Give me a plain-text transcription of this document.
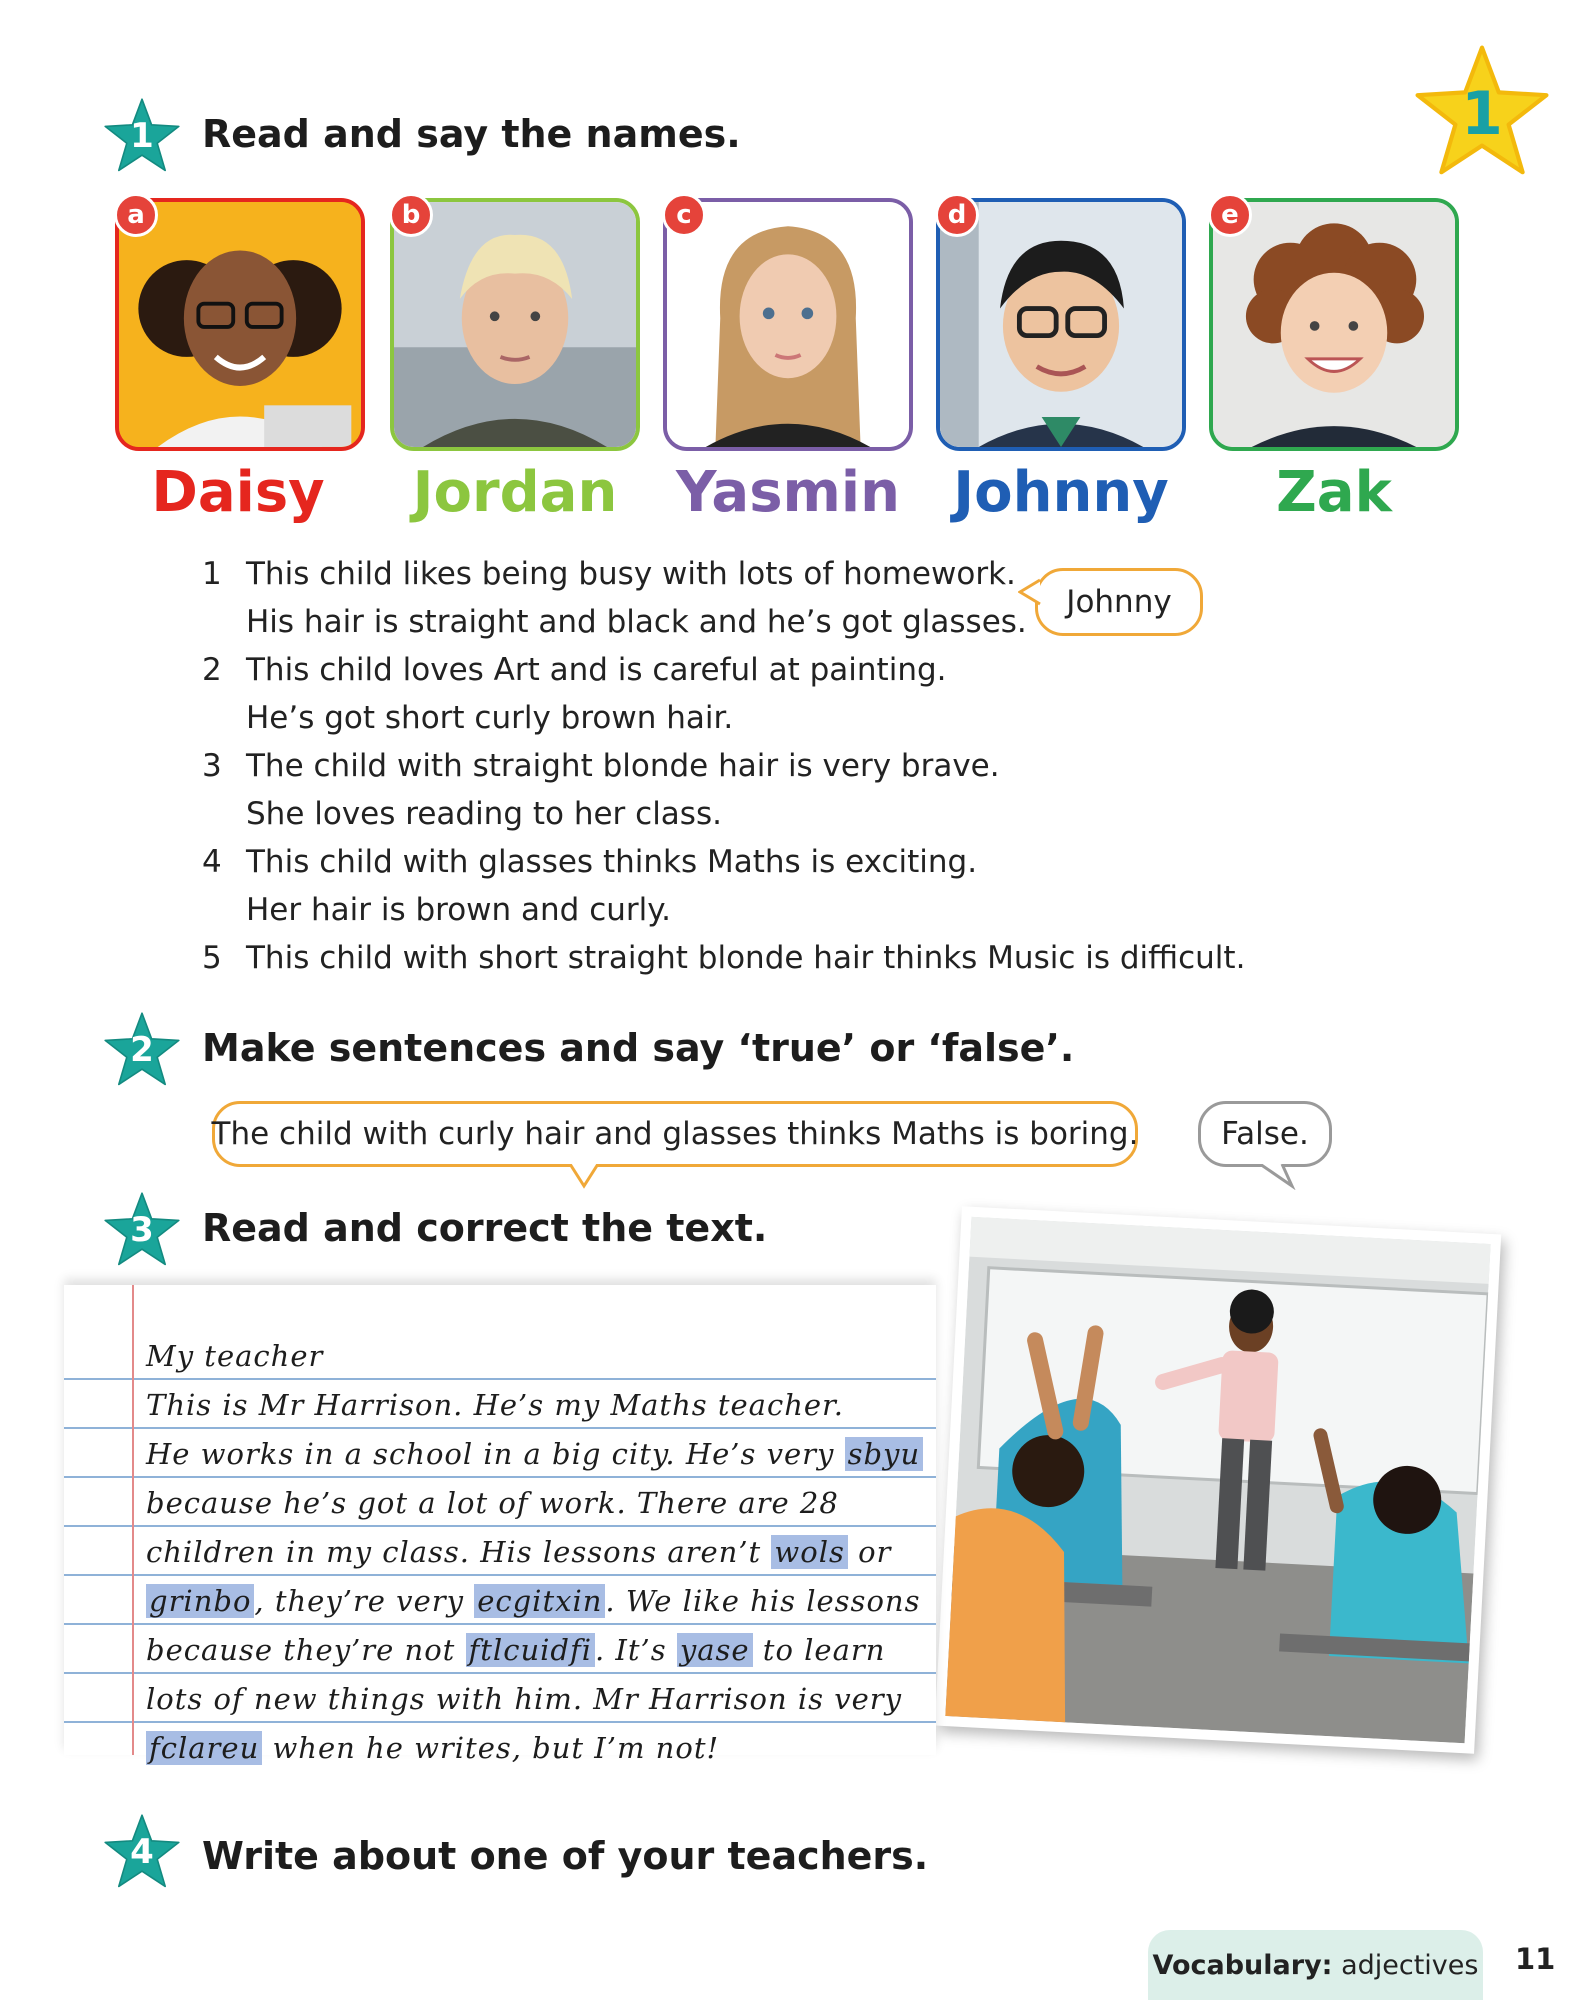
1
1	Read and say the names.
a	b	c	d	e
Daisy	Jordan	Yasmin Johnny	Zak
1 This child likes being busy with lots of homework.
His hair is straight and black and he’s got glasses.
2 This child loves Art and is careful at painting.
He’s got short curly brown hair.
3 The child with straight blonde hair is very brave.
She loves reading to her class.
4 This child with glasses thinks Maths is exciting.
Her hair is brown and curly.
5 This child with short straight blonde hair thinks Music is difficult.
Johnny
2	Make sentences and say ‘true’ or ‘false’.
The child with curly hair and glasses thinks Maths is boring.	False.
3	Read and correct the text.
My teacher
This is Mr Harrison. He’s my Maths teacher.
He works in a school in a big city. He’s very sbyu
because he’s got a lot of work. There are 28
children in my class. His lessons aren’t wols or
grinbo , they’re very ecgitxin . We like his lessons
because they’re not ftlcuidfi . It’s yase to learn
lots of new things with him. Mr Harrison is very
fclareu when he writes, but I’m not!
4	Write about one of your teachers.
Vocabulary:
adjectives 11
